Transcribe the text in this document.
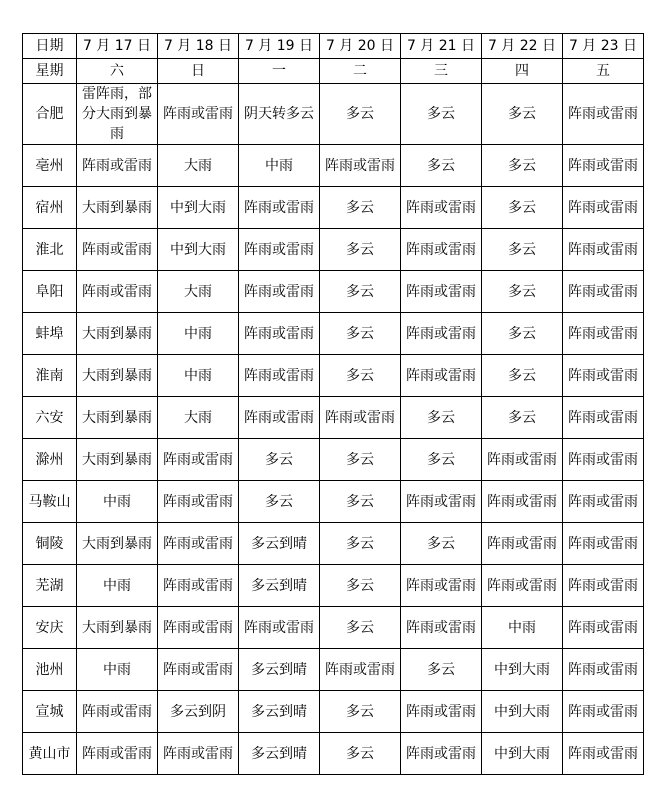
日期	7 月 17 日	7 月 18 日	7 月 19 日	7 月 20 日	7 月 21 日	7 月 22 日	7 月 23 日
星期	六	日	一	二	三	四	五
合肥	雷阵雨，部分大雨到暴雨	阵雨或雷雨	阴天转多云	多云	多云	多云	阵雨或雷雨
亳州	阵雨或雷雨	大雨	中雨	阵雨或雷雨	多云	多云	阵雨或雷雨
宿州	大雨到暴雨	中到大雨	阵雨或雷雨	多云	阵雨或雷雨	多云	阵雨或雷雨
淮北	阵雨或雷雨	中到大雨	阵雨或雷雨	多云	阵雨或雷雨	多云	阵雨或雷雨
阜阳	阵雨或雷雨	大雨	阵雨或雷雨	多云	阵雨或雷雨	多云	阵雨或雷雨
蚌埠	大雨到暴雨	中雨	阵雨或雷雨	多云	阵雨或雷雨	多云	阵雨或雷雨
淮南	大雨到暴雨	中雨	阵雨或雷雨	多云	阵雨或雷雨	多云	阵雨或雷雨
六安	大雨到暴雨	大雨	阵雨或雷雨	阵雨或雷雨	多云	多云	阵雨或雷雨
滁州	大雨到暴雨	阵雨或雷雨	多云	多云	多云	阵雨或雷雨	阵雨或雷雨
马鞍山	中雨	阵雨或雷雨	多云	多云	阵雨或雷雨	阵雨或雷雨	阵雨或雷雨
铜陵	大雨到暴雨	阵雨或雷雨	多云到晴	多云	多云	阵雨或雷雨	阵雨或雷雨
芜湖	中雨	阵雨或雷雨	多云到晴	多云	阵雨或雷雨	阵雨或雷雨	阵雨或雷雨
安庆	大雨到暴雨	阵雨或雷雨	阵雨或雷雨	多云	阵雨或雷雨	中雨	阵雨或雷雨
池州	中雨	阵雨或雷雨	多云到晴	阵雨或雷雨	多云	中到大雨	阵雨或雷雨
宣城	阵雨或雷雨	多云到阴	多云到晴	多云	阵雨或雷雨	中到大雨	阵雨或雷雨
黄山市	阵雨或雷雨	阵雨或雷雨	多云到晴	多云	阵雨或雷雨	中到大雨	阵雨或雷雨
